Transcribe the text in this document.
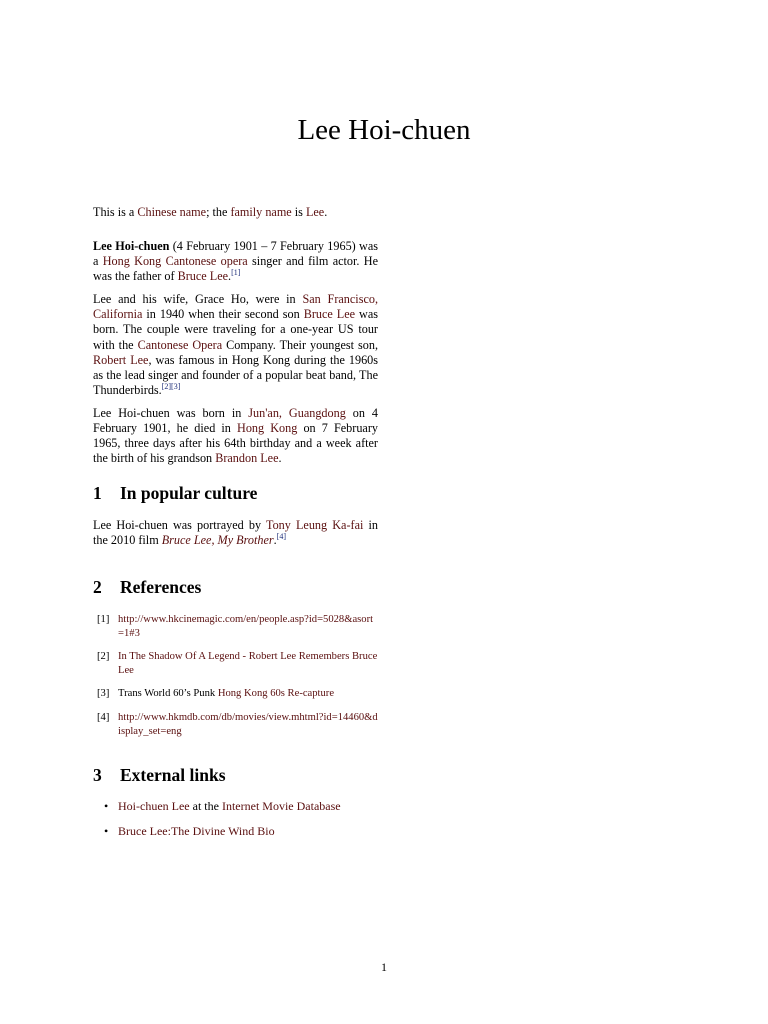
Lee Hoi-chuen

This is a Chinese name; the family name is Lee.

Lee Hoi-chuen (4 February 1901 – 7 February 1965) was a Hong Kong Cantonese opera singer and film actor. He was the father of Bruce Lee.[1]

Lee and his wife, Grace Ho, were in San Francisco, California in 1940 when their second son Bruce Lee was born. The couple were traveling for a one-year US tour with the Cantonese Opera Company. Their youngest son, Robert Lee, was famous in Hong Kong during the 1960s as the lead singer and founder of a popular beat band, The Thunderbirds.[2][3]

Lee Hoi-chuen was born in Jun'an, Guangdong on 4 February 1901, he died in Hong Kong on 7 February 1965, three days after his 64th birthday and a week after the birth of his grandson Brandon Lee.

1 In popular culture

Lee Hoi-chuen was portrayed by Tony Leung Ka-fai in the 2010 film Bruce Lee, My Brother.[4]

2 References
[1] http://www.hkcinemagic.com/en/people.asp?id=5028&asort=1#3
[2] In The Shadow Of A Legend - Robert Lee Remembers Bruce Lee
[3] Trans World 60’s Punk Hong Kong 60s Re-capture
[4] http://www.hkmdb.com/db/movies/view.mhtml?id=14460&display_set=eng
3 External links
• Hoi-chuen Lee at the Internet Movie Database
• Bruce Lee:The Divine Wind Bio
1
